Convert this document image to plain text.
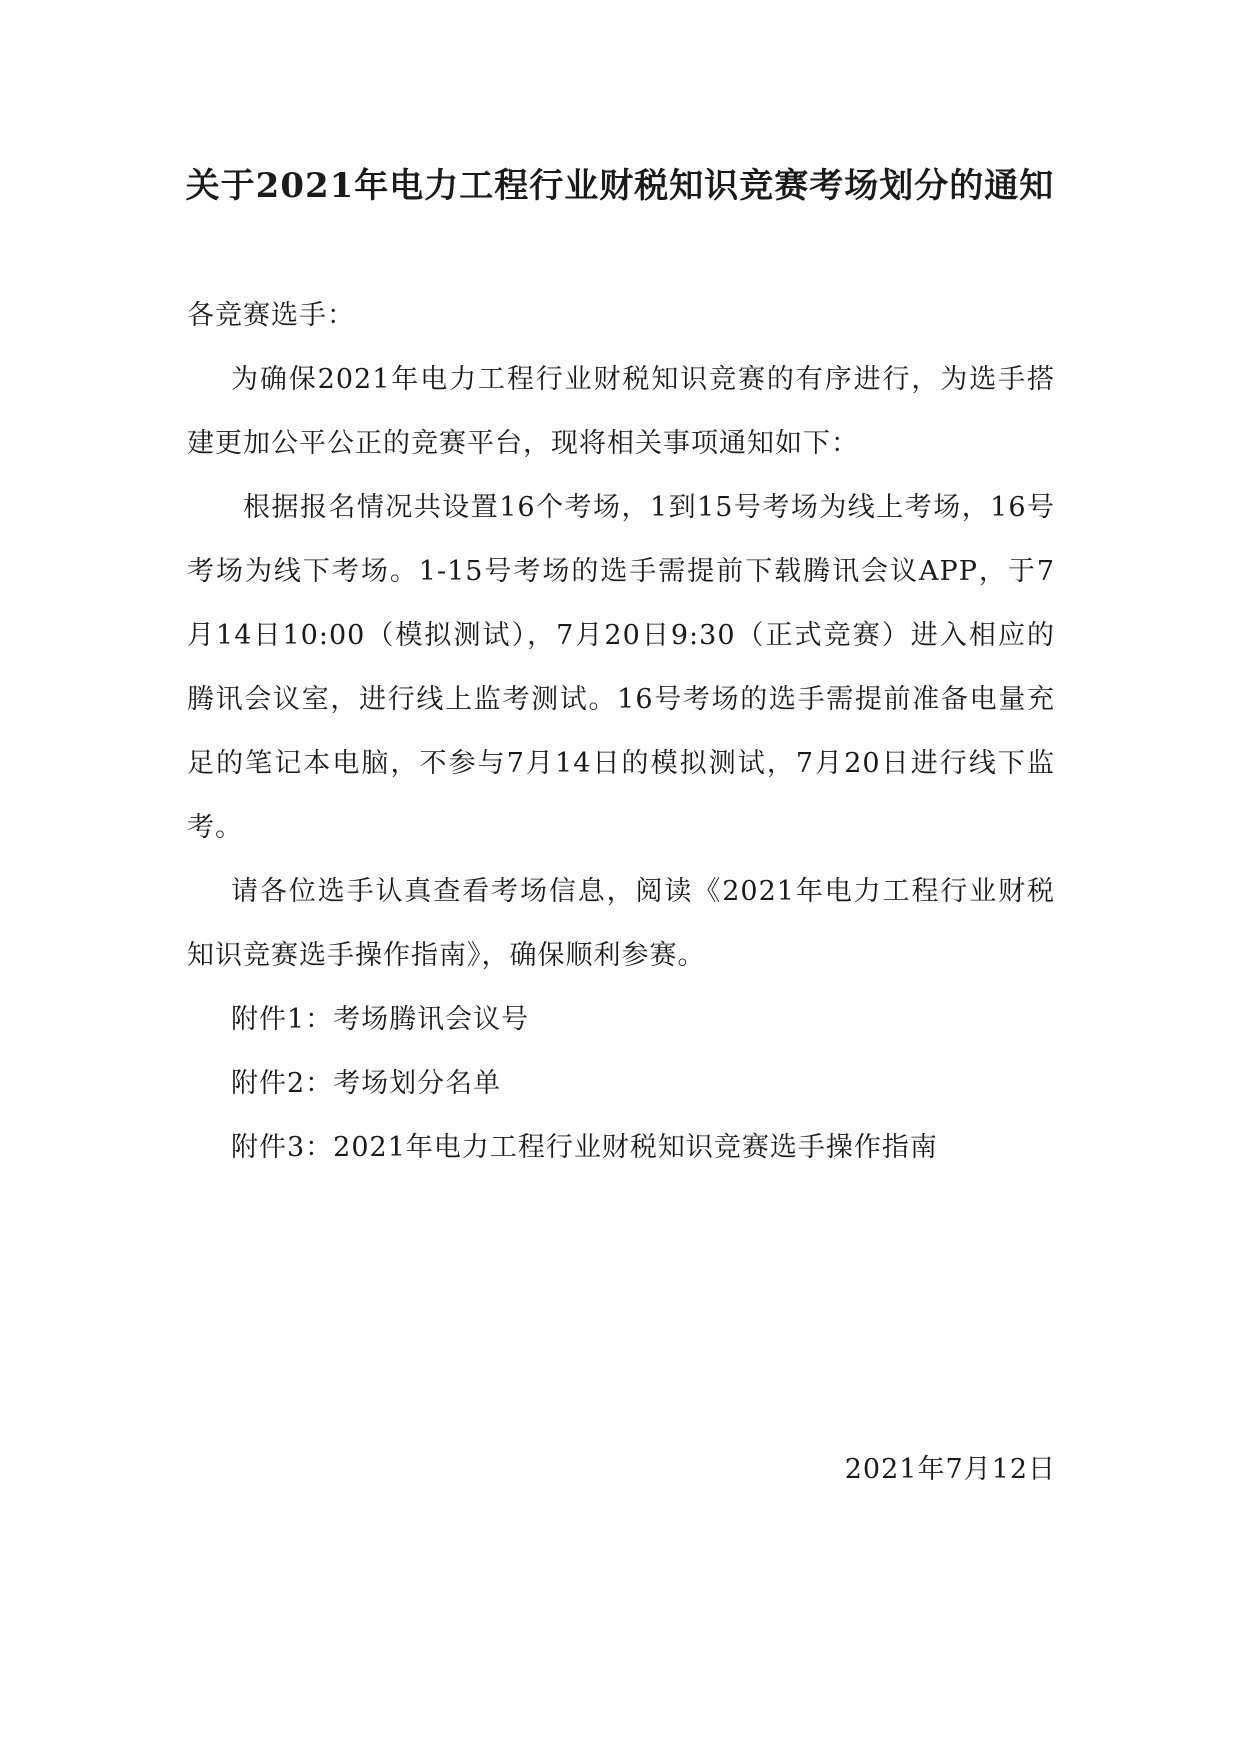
关于2021年电力工程行业财税知识竞赛考场划分的通知
各竞赛选手：
为确保2021年电力工程行业财税知识竞赛的有序进行，为选手搭建更加公平公正的竞赛平台，现将相关事项通知如下：
根据报名情况共设置16个考场，1到15号考场为线上考场，16号考场为线下考场。1-15号考场的选手需提前下载腾讯会议APP，于7月14日10:00（模拟测试），7月20日9:30（正式竞赛）进入相应的腾讯会议室，进行线上监考测试。16号考场的选手需提前准备电量充足的笔记本电脑，不参与7月14日的模拟测试，7月20日进行线下监考。
请各位选手认真查看考场信息，阅读《2021年电力工程行业财税知识竞赛选手操作指南》，确保顺利参赛。
附件1：考场腾讯会议号
附件2：考场划分名单
附件3：2021年电力工程行业财税知识竞赛选手操作指南
2021年7月12日
